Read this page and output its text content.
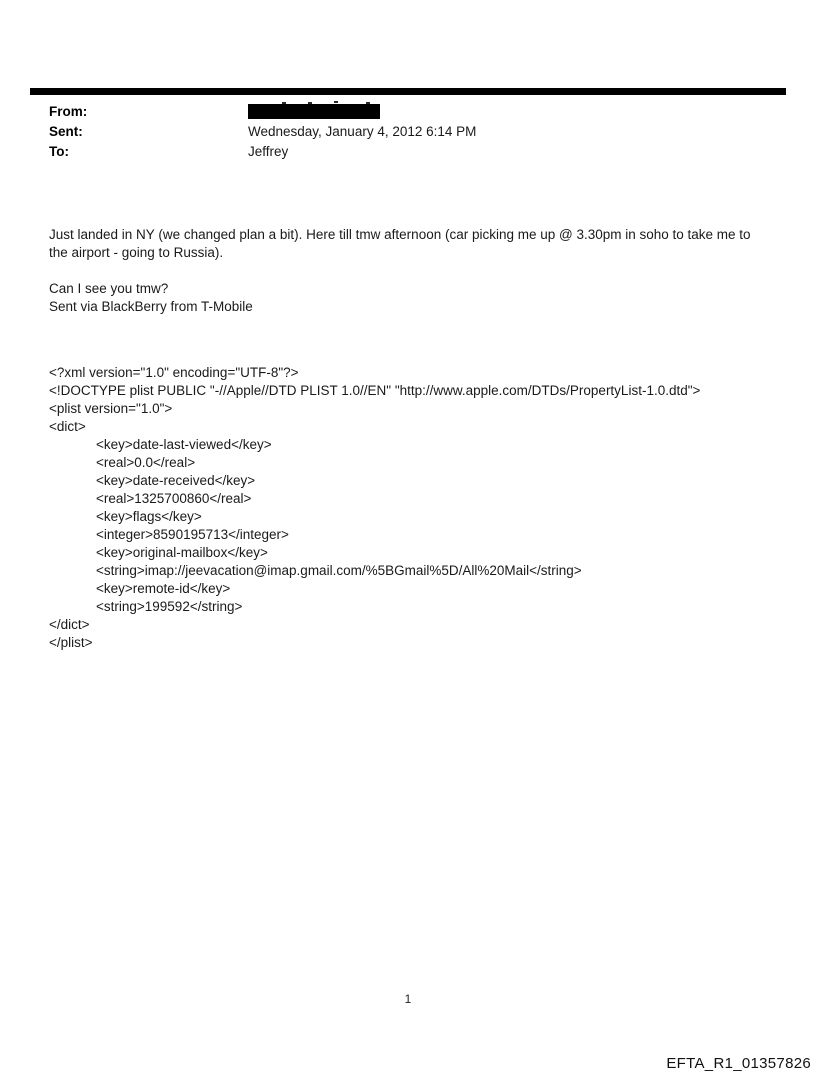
From:
Sent:	Wednesday, January 4, 2012 6:14 PM
To:	Jeffrey

Just landed in NY (we changed plan a bit). Here till tmw afternoon (car picking me up @ 3.30pm in soho to take me to
the airport - going to Russia).

Can I see you tmw?
Sent via BlackBerry from T-Mobile

<?xml version="1.0" encoding="UTF-8"?>
<!DOCTYPE plist PUBLIC "-//Apple//DTD PLIST 1.0//EN" "http://www.apple.com/DTDs/PropertyList-1.0.dtd">
<plist version="1.0">
<dict>
<key>date-last-viewed</key>
<real>0.0</real>
<key>date-received</key>
<real>1325700860</real>
<key>flags</key>
<integer>8590195713</integer>
<key>original-mailbox</key>
<string>imap://jeevacation@imap.gmail.com/%5BGmail%5D/All%20Mail</string>
<key>remote-id</key>
<string>199592</string>
</dict>
</plist>

1
EFTA_R1_01357826
